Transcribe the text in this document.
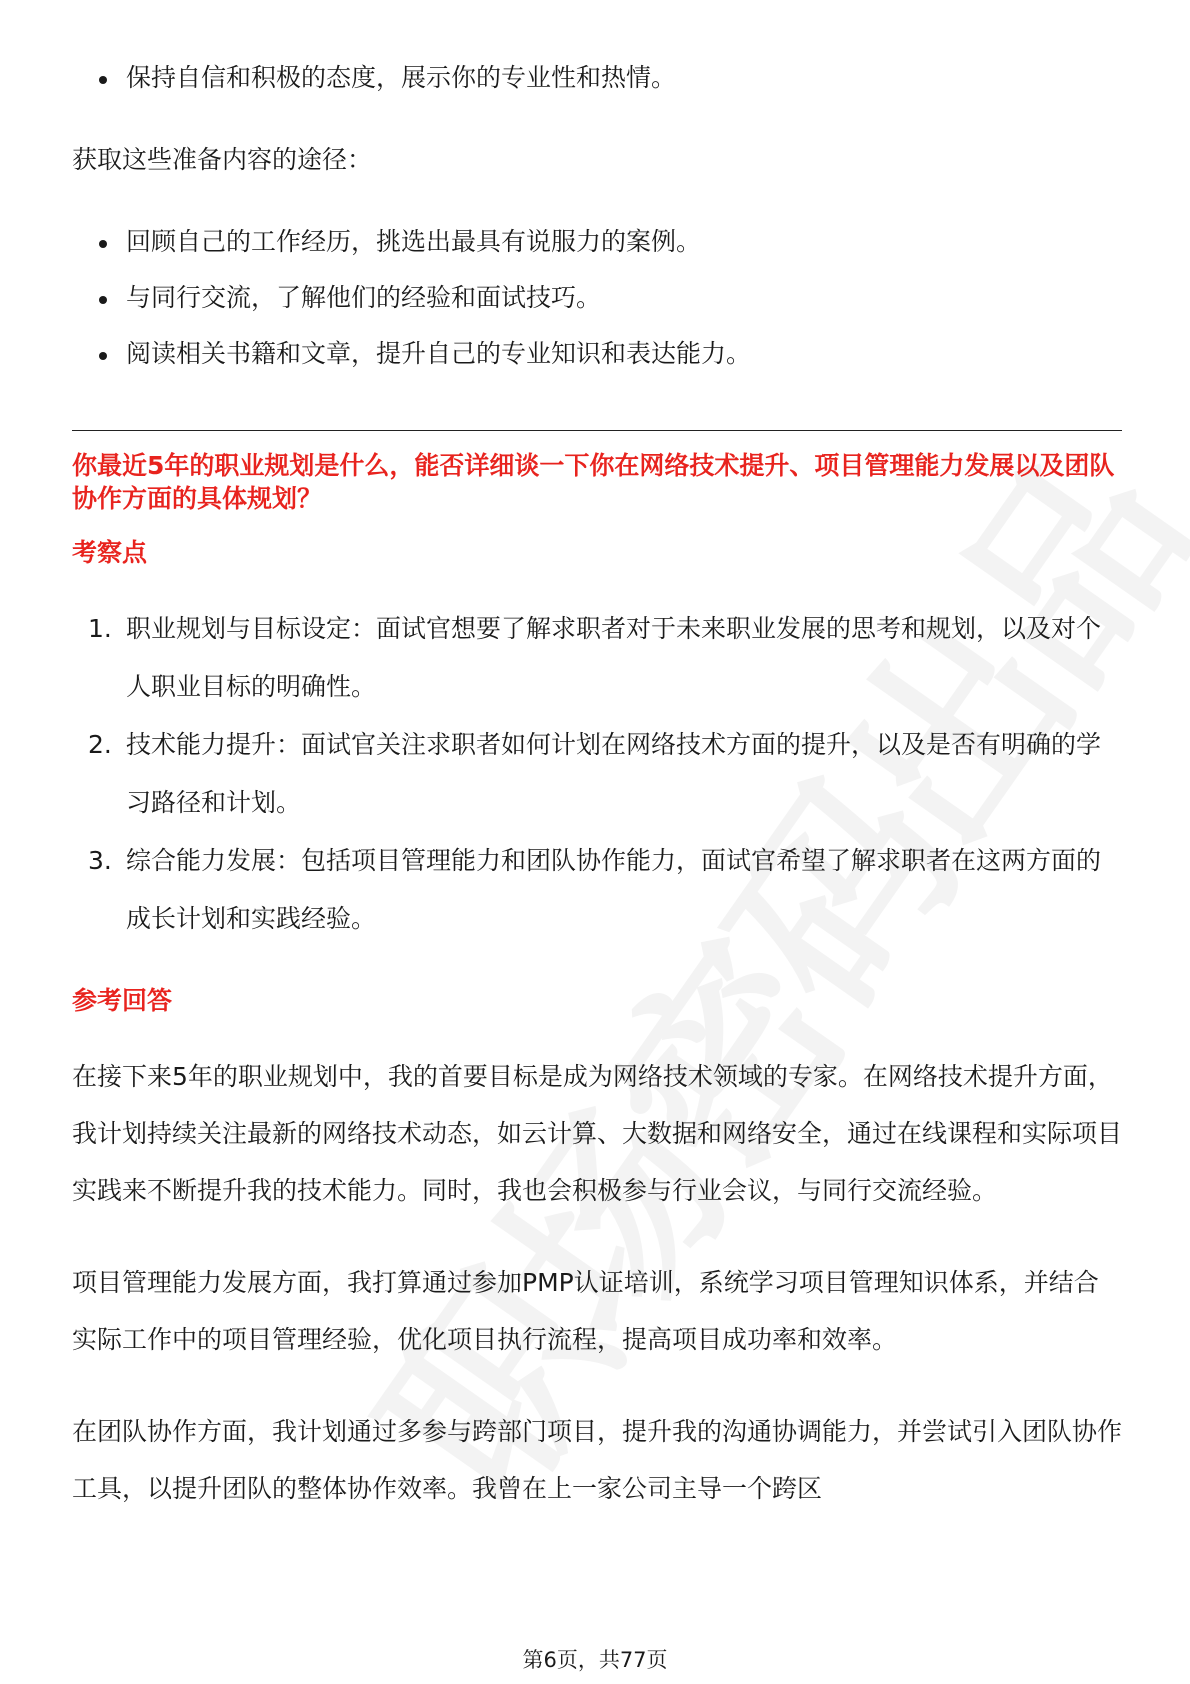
保持自信和积极的态度，展示你的专业性和热情。

获取这些准备内容的途径：

回顾自己的工作经历，挑选出最具有说服力的案例。
与同行交流，了解他们的经验和面试技巧。
阅读相关书籍和文章，提升自己的专业知识和表达能力。

你最近5年的职业规划是什么，能否详细谈一下你在网络技术提升、项目管理能力发展以及团队协作方面的具体规划？

考察点

1. 职业规划与目标设定：面试官想要了解求职者对于未来职业发展的思考和规划，以及对个人职业目标的明确性。
2. 技术能力提升：面试官关注求职者如何计划在网络技术方面的提升，以及是否有明确的学习路径和计划。
3. 综合能力发展：包括项目管理能力和团队协作能力，面试官希望了解求职者在这两方面的成长计划和实践经验。

参考回答

在接下来5年的职业规划中，我的首要目标是成为网络技术领域的专家。在网络技术提升方面，我计划持续关注最新的网络技术动态，如云计算、大数据和网络安全，通过在线课程和实际项目实践来不断提升我的技术能力。同时，我也会积极参与行业会议，与同行交流经验。

项目管理能力发展方面，我打算通过参加PMP认证培训，系统学习项目管理知识体系，并结合实际工作中的项目管理经验，优化项目执行流程，提高项目成功率和效率。

在团队协作方面，我计划通过多参与跨部门项目，提升我的沟通协调能力，并尝试引入团队协作工具，以提升团队的整体协作效率。我曾在上一家公司主导一个跨区

第6页，共77页
